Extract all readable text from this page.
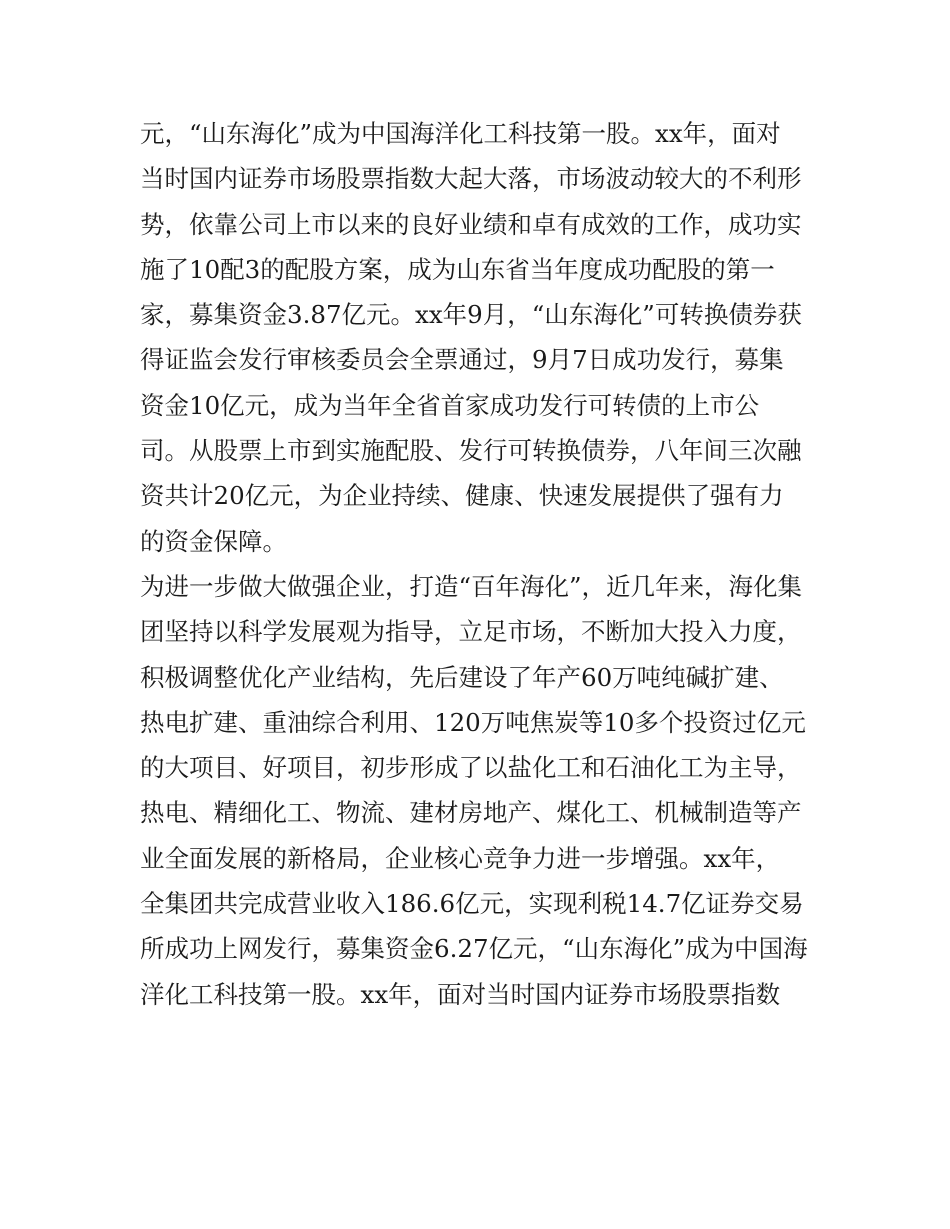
元，“山东海化”成为中国海洋化工科技第一股。xx年，面对
当时国内证券市场股票指数大起大落，市场波动较大的不利形
势，依靠公司上市以来的良好业绩和卓有成效的工作，成功实
施了10配3的配股方案，成为山东省当年度成功配股的第一
家，募集资金3.87亿元。xx年9月，“山东海化”可转换债券获
得证监会发行审核委员会全票通过，9月7日成功发行，募集
资金10亿元，成为当年全省首家成功发行可转债的上市公
司。从股票上市到实施配股、发行可转换债券，八年间三次融
资共计20亿元，为企业持续、健康、快速发展提供了强有力
的资金保障。
为进一步做大做强企业，打造“百年海化”，近几年来，海化集
团坚持以科学发展观为指导，立足市场，不断加大投入力度，
积极调整优化产业结构，先后建设了年产60万吨纯碱扩建、
热电扩建、重油综合利用、120万吨焦炭等10多个投资过亿元
的大项目、好项目，初步形成了以盐化工和石油化工为主导，
热电、精细化工、物流、建材房地产、煤化工、机械制造等产
业全面发展的新格局，企业核心竞争力进一步增强。xx年，
全集团共完成营业收入186.6亿元，实现利税14.7亿证券交易
所成功上网发行，募集资金6.27亿元，“山东海化”成为中国海
洋化工科技第一股。xx年，面对当时国内证券市场股票指数
